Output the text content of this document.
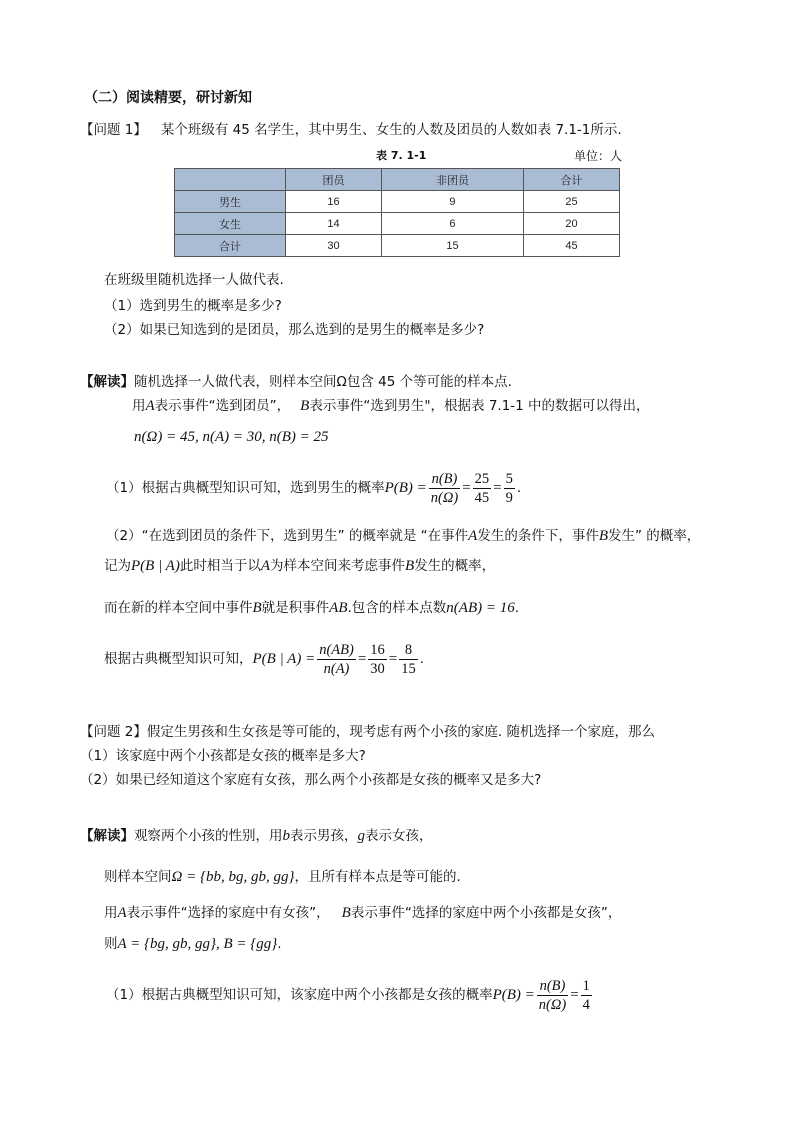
（二）阅读精要，研讨新知
【问题 1】 某个班级有 45 名学生，其中男生、女生的人数及团员的人数如表 7.1-1所示.
表 7. 1-1	单位：人
	团员	非团员	合计
男生	16	9	25
女生	14	6	20
合计	30	15	45
在班级里随机选择一人做代表.
（1）选到男生的概率是多少?
（2）如果已知选到的是团员，那么选到的是男生的概率是多少?
【解读】随机选择一人做代表，则样本空间Ω包含 45 个等可能的样本点.
用A表示事件“选到团员”， B表示事件“选到男生"，根据表 7.1-1 中的数据可以得出，
n(Ω) = 45, n(A) = 30, n(B) = 25
（1）根据古典概型知识可知，选到男生的概率$P(B) = \frac{n(B)}{n(\Omega)} = \frac{25}{45} = \frac{5}{9}$ .
（2）“在选到团员的条件下，选到男生” 的概率就是 “在事件A发生的条件下，事件B发生” 的概率，
记为P(B | A)此时相当于以A为样本空间来考虑事件B发生的概率，
而在新的样本空间中事件B就是积事件AB.包含的样本点数n(AB) = 16.
根据古典概型知识可知，P(B | $A) = \frac{n(AB)}{n(A)} = \frac{16}{30} = \frac{8}{15}$ .
【问题 2】假定生男孩和生女孩是等可能的，现考虑有两个小孩的家庭. 随机选择一个家庭，那么
（1）该家庭中两个小孩都是女孩的概率是多大?
（2）如果已经知道这个家庭有女孩，那么两个小孩都是女孩的概率又是多大?
【解读】观察两个小孩的性别，用b表示男孩，g表示女孩，
则样本空间Ω = {bb, bg, gb, gg}，且所有样本点是等可能的.
用A表示事件“选择的家庭中有女孩”， B表示事件“选择的家庭中两个小孩都是女孩”，
则A = {bg, gb, gg}, B = {gg}.
（1）根据古典概型知识可知，该家庭中两个小孩都是女孩的概率$P(B) = \frac{n(B)}{n(\Omega)} = \frac{1}{4}$
